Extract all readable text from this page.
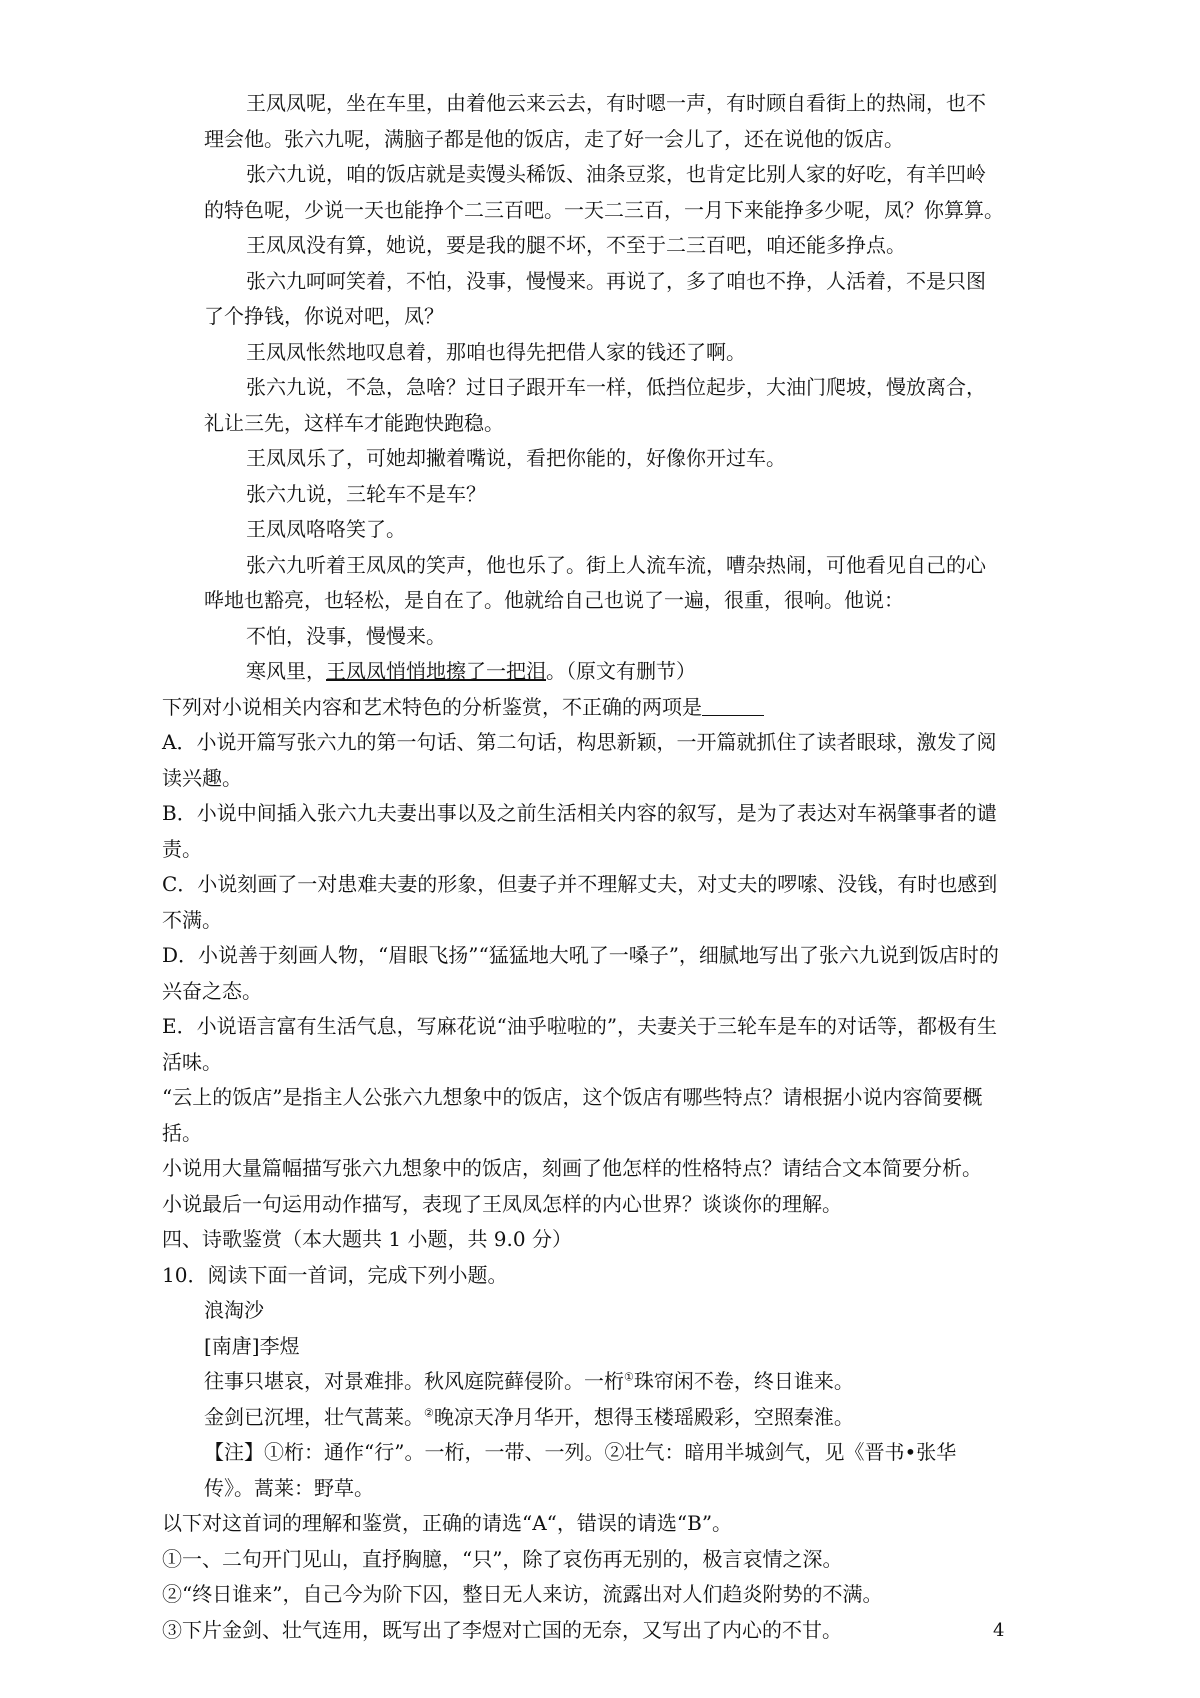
王凤凤呢，坐在车里，由着他云来云去，有时嗯一声，有时顾自看街上的热闹，也不理会他。张六九呢，满脑子都是他的饭店，走了好一会儿了，还在说他的饭店。

张六九说，咱的饭店就是卖馒头稀饭、油条豆浆，也肯定比别人家的好吃，有羊凹岭的特色呢，少说一天也能挣个二三百吧。一天二三百，一月下来能挣多少呢，凤？你算算。

王凤凤没有算，她说，要是我的腿不坏，不至于二三百吧，咱还能多挣点。

张六九呵呵笑着，不怕，没事，慢慢来。再说了，多了咱也不挣，人活着，不是只图了个挣钱，你说对吧，凤？

王凤凤怅然地叹息着，那咱也得先把借人家的钱还了啊。

张六九说，不急，急啥？过日子跟开车一样，低挡位起步，大油门爬坡，慢放离合，礼让三先，这样车才能跑快跑稳。

王凤凤乐了，可她却撇着嘴说，看把你能的，好像你开过车。

张六九说，三轮车不是车？

王凤凤咯咯笑了。

张六九听着王凤凤的笑声，他也乐了。街上人流车流，嘈杂热闹，可他看见自己的心哗地也豁亮，也轻松，是自在了。他就给自己也说了一遍，很重，很响。他说：

不怕，没事，慢慢来。

寒风里，王凤凤悄悄地擦了一把泪。（原文有删节）

下列对小说相关内容和艺术特色的分析鉴赏，不正确的两项是

A．小说开篇写张六九的第一句话、第二句话，构思新颖，一开篇就抓住了读者眼球，激发了阅读兴趣。

B．小说中间插入张六九夫妻出事以及之前生活相关内容的叙写，是为了表达对车祸肇事者的谴责。

C．小说刻画了一对患难夫妻的形象，但妻子并不理解丈夫，对丈夫的啰嗦、没钱，有时也感到不满。

D．小说善于刻画人物，“眉眼飞扬”“猛猛地大吼了一嗓子”，细腻地写出了张六九说到饭店时的兴奋之态。

E．小说语言富有生活气息，写麻花说“油乎啦啦的”，夫妻关于三轮车是车的对话等，都极有生活味。

“云上的饭店”是指主人公张六九想象中的饭店，这个饭店有哪些特点？请根据小说内容简要概括。

小说用大量篇幅描写张六九想象中的饭店，刻画了他怎样的性格特点？请结合文本简要分析。

小说最后一句运用动作描写，表现了王凤凤怎样的内心世界？谈谈你的理解。

四、诗歌鉴赏（本大题共 1 小题，共 9.0 分）

10．阅读下面一首词，完成下列小题。

浪淘沙

[南唐]李煜

往事只堪哀，对景难排。秋风庭院藓侵阶。一桁①珠帘闲不卷，终日谁来。

金剑已沉埋，壮气蒿莱。②晚凉天净月华开，想得玉楼瑶殿彩，空照秦淮。

【注】①桁：通作“行”。一桁，一带、一列。②壮气：暗用半城剑气，见《晋书•张华传》。蒿莱：野草。

以下对这首词的理解和鉴赏，正确的请选“A“，错误的请选“B”。

①一、二句开门见山，直抒胸臆，“只”，除了哀伤再无别的，极言哀情之深。

②“终日谁来”，自己今为阶下囚，整日无人来访，流露出对人们趋炎附势的不满。

③下片金剑、壮气连用，既写出了李煜对亡国的无奈，又写出了内心的不甘。	4
